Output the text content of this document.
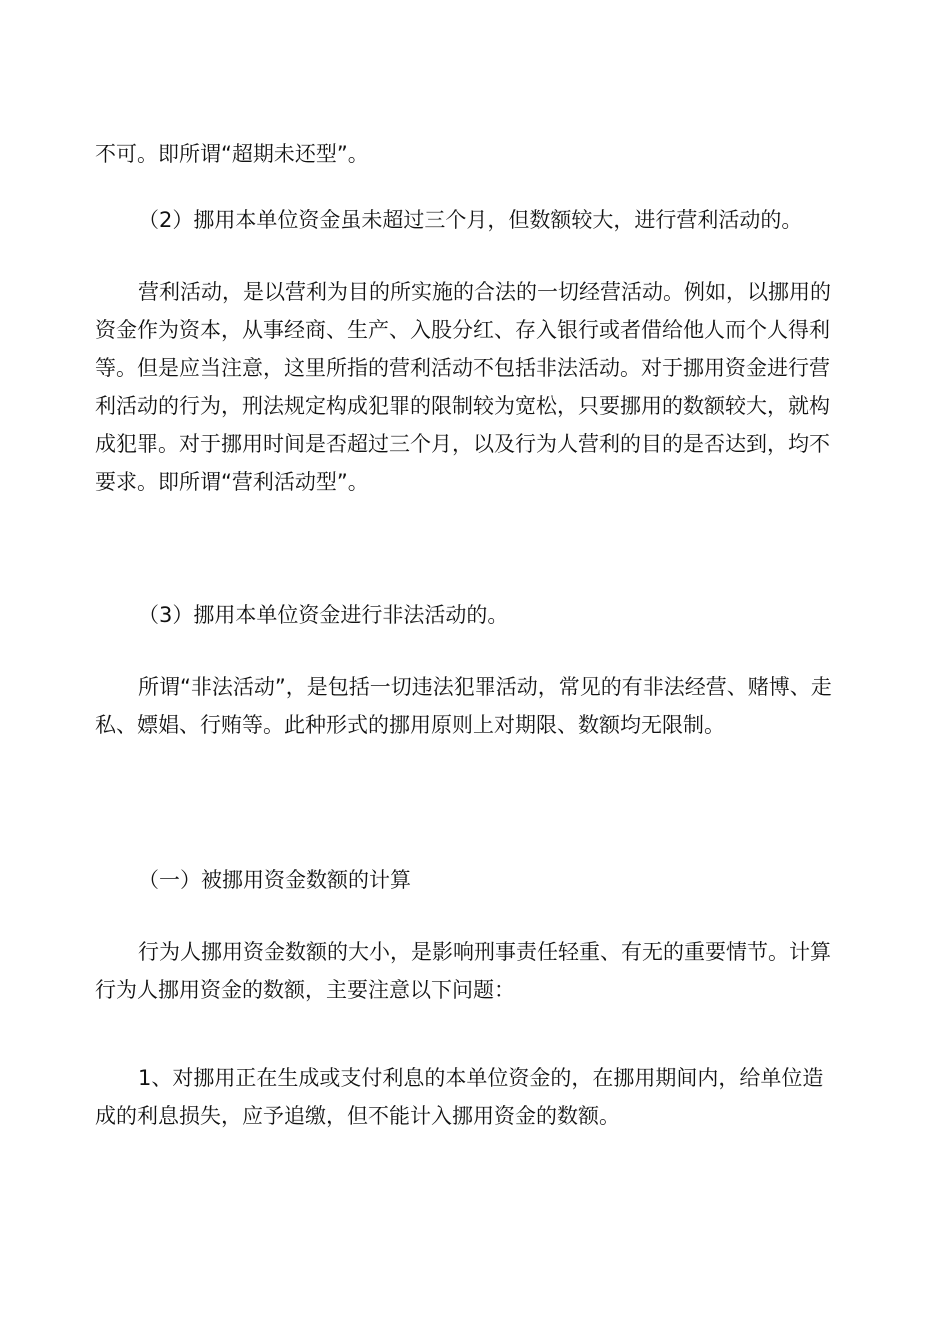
不可。即所谓“超期未还型”。
（2）挪用本单位资金虽未超过三个月，但数额较大，进行营利活动的。
营利活动，是以营利为目的所实施的合法的一切经营活动。例如，以挪用的
资金作为资本，从事经商、生产、入股分红、存入银行或者借给他人而个人得利
等。但是应当注意，这里所指的营利活动不包括非法活动。对于挪用资金进行营
利活动的行为，刑法规定构成犯罪的限制较为宽松，只要挪用的数额较大，就构
成犯罪。对于挪用时间是否超过三个月，以及行为人营利的目的是否达到，均不
要求。即所谓“营利活动型”。
（3）挪用本单位资金进行非法活动的。
所谓“非法活动”，是包括一切违法犯罪活动，常见的有非法经营、赌博、走
私、嫖娼、行贿等。此种形式的挪用原则上对期限、数额均无限制。
（一）被挪用资金数额的计算
行为人挪用资金数额的大小，是影响刑事责任轻重、有无的重要情节。计算
行为人挪用资金的数额，主要注意以下问题：
1、对挪用正在生成或支付利息的本单位资金的，在挪用期间内，给单位造
成的利息损失，应予追缴，但不能计入挪用资金的数额。
